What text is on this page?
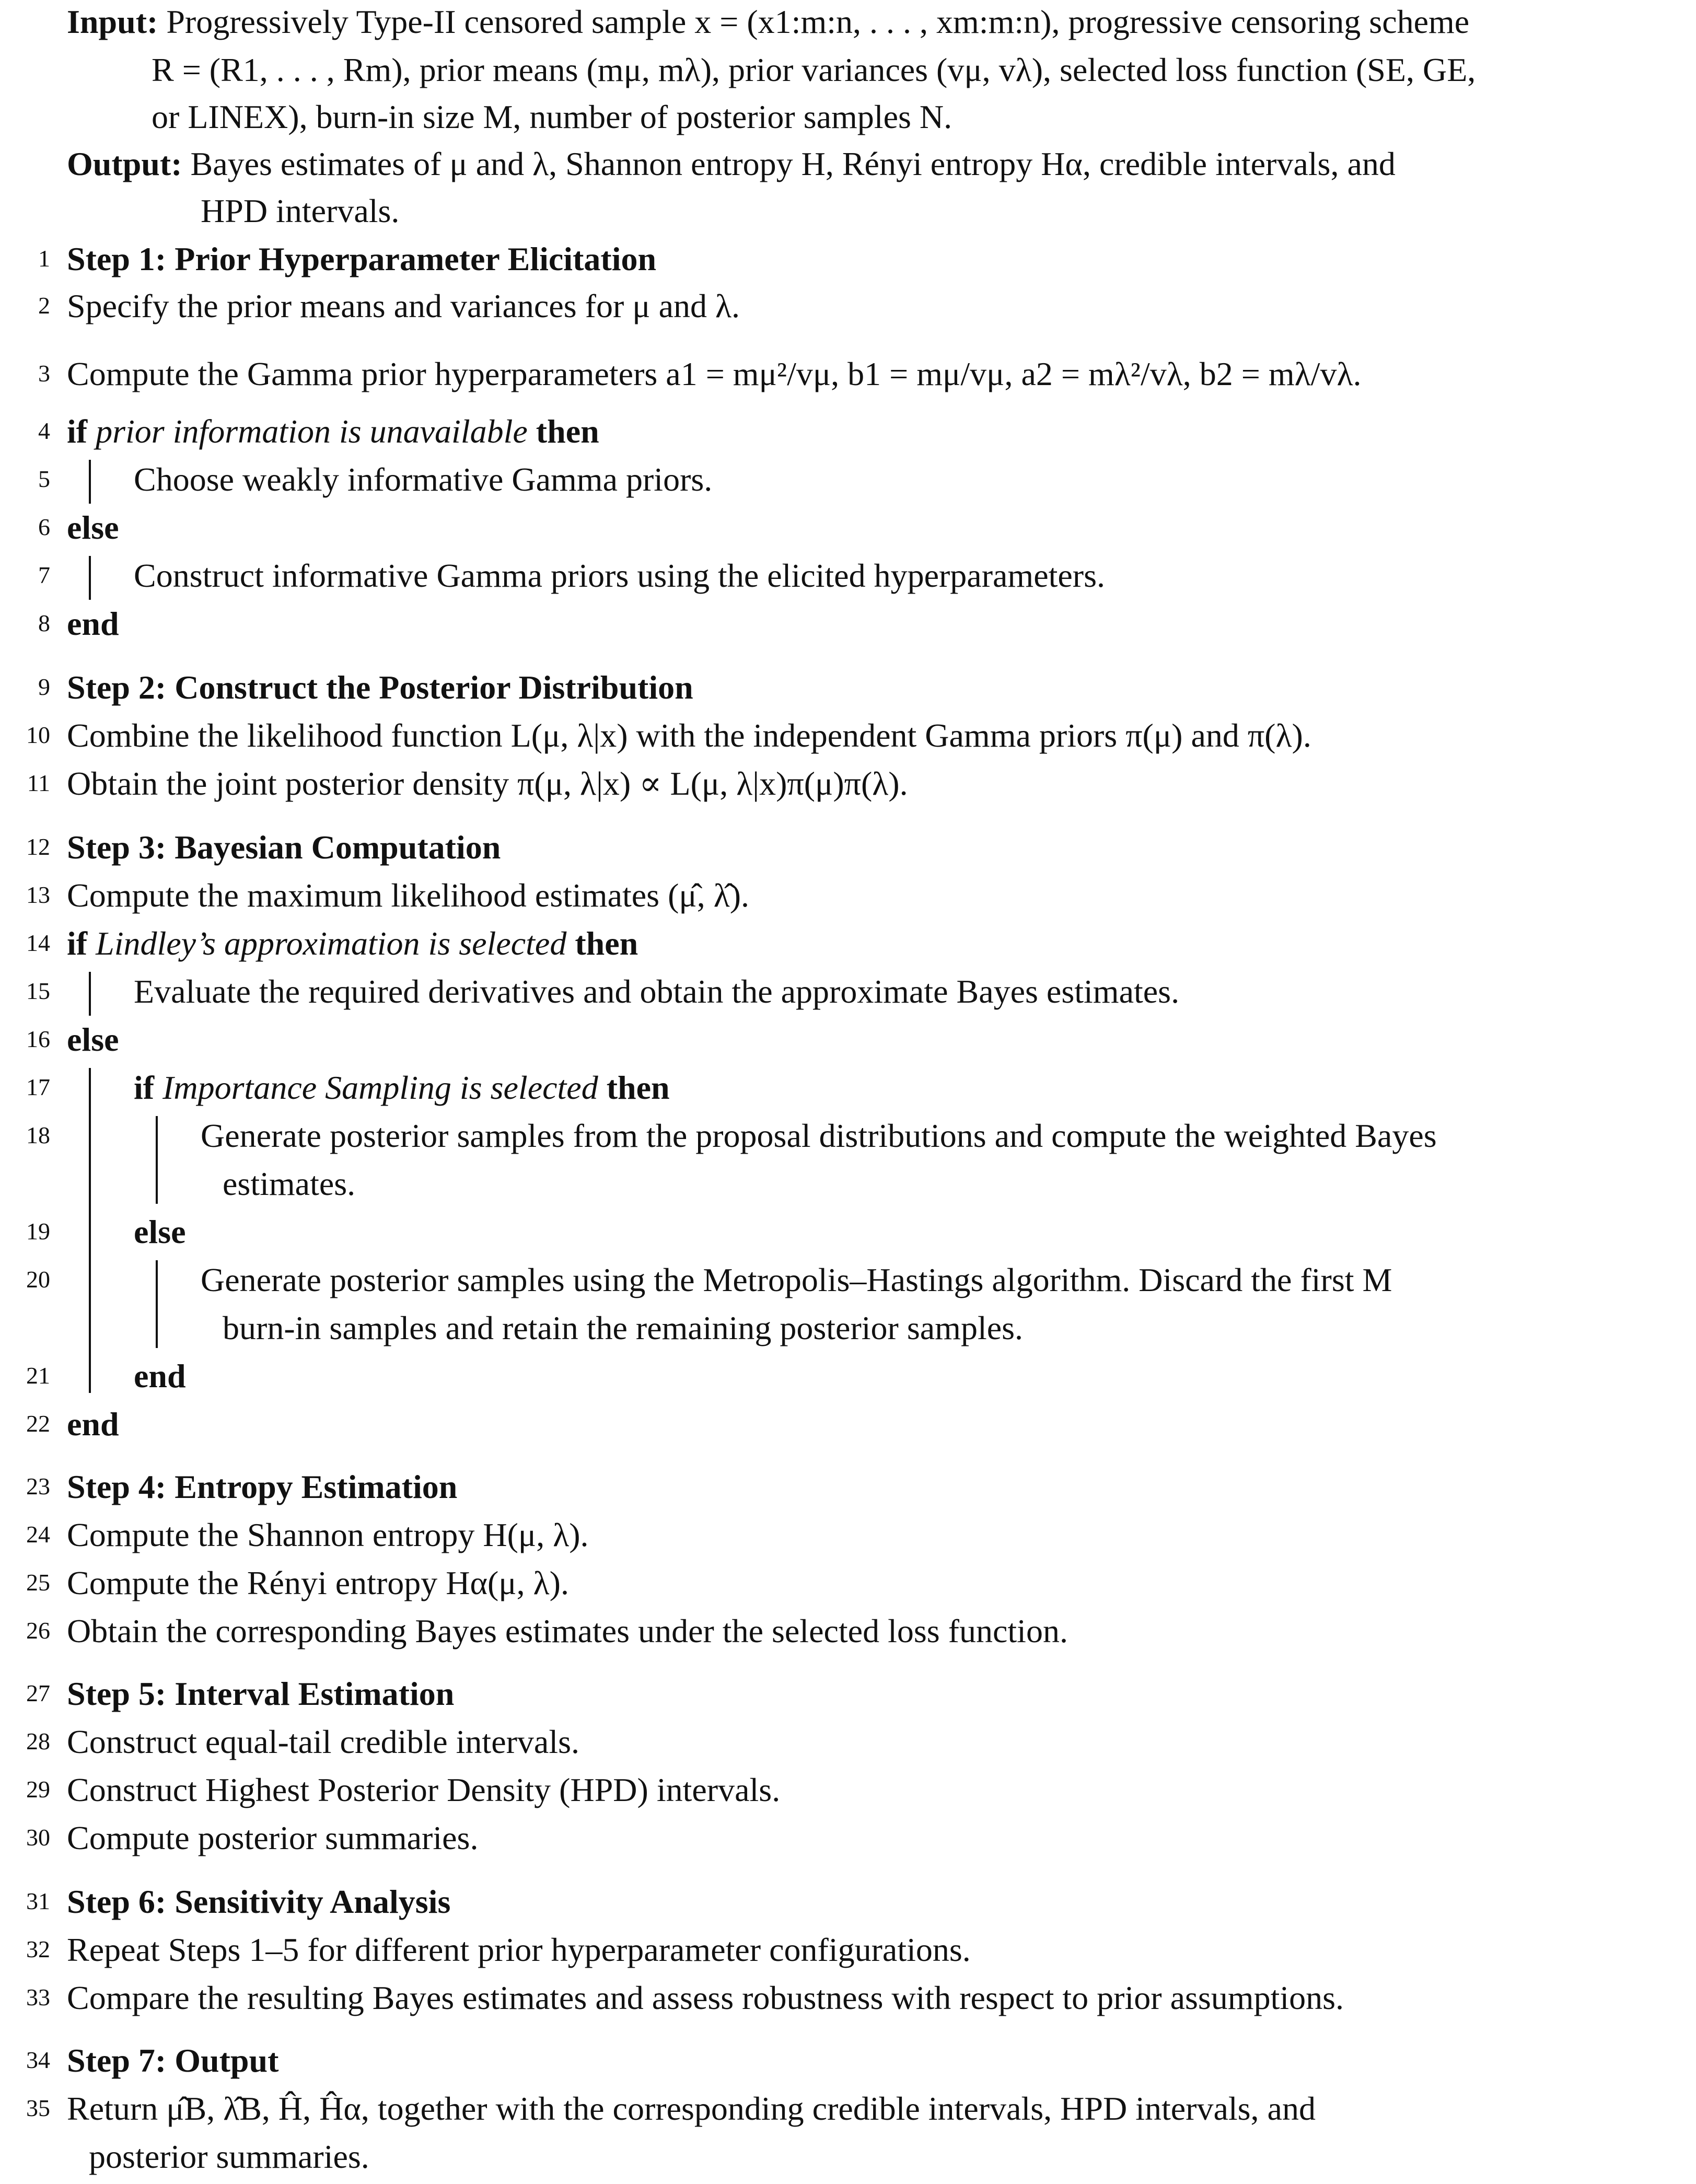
Input: Progressively Type-II censored sample x = (x1:m:n, . . . , xm:m:n), progressive censoring scheme
R = (R1, . . . , Rm), prior means (mμ, mλ), prior variances (vμ, vλ), selected loss function (SE, GE,
or LINEX), burn-in size M, number of posterior samples N.
Output: Bayes estimates of μ and λ, Shannon entropy H, Rényi entropy Hα, credible intervals, and
HPD intervals.
1 Step 1: Prior Hyperparameter Elicitation
2 Specify the prior means and variances for μ and λ.
3 Compute the Gamma prior hyperparameters a1 = mμ²/vμ, b1 = mμ/vμ, a2 = mλ²/vλ, b2 = mλ/vλ.
4 if prior information is unavailable then
5	Choose weakly informative Gamma priors.
6 else
7	Construct informative Gamma priors using the elicited hyperparameters.
8 end
9 Step 2: Construct the Posterior Distribution
10 Combine the likelihood function L(μ, λ|x) with the independent Gamma priors π(μ) and π(λ).
11 Obtain the joint posterior density π(μ, λ|x) ∝ L(μ, λ|x)π(μ)π(λ).
12 Step 3: Bayesian Computation
13 Compute the maximum likelihood estimates (μ̂, λ̂).
14 if Lindley’s approximation is selected then
15	Evaluate the required derivatives and obtain the approximate Bayes estimates.
16 else
17	if Importance Sampling is selected then
18	Generate posterior samples from the proposal distributions and compute the weighted Bayes
estimates.
19	else
20	Generate posterior samples using the Metropolis–Hastings algorithm. Discard the first M
burn-in samples and retain the remaining posterior samples.
21	end
22 end
23 Step 4: Entropy Estimation
24 Compute the Shannon entropy H(μ, λ).
25 Compute the Rényi entropy Hα(μ, λ).
26 Obtain the corresponding Bayes estimates under the selected loss function.
27 Step 5: Interval Estimation
28 Construct equal-tail credible intervals.
29 Construct Highest Posterior Density (HPD) intervals.
30 Compute posterior summaries.
31 Step 6: Sensitivity Analysis
32 Repeat Steps 1–5 for different prior hyperparameter configurations.
33 Compare the resulting Bayes estimates and assess robustness with respect to prior assumptions.
34 Step 7: Output
35 Return μ̂B, λ̂B, Ĥ, Ĥα, together with the corresponding credible intervals, HPD intervals, and
posterior summaries.
